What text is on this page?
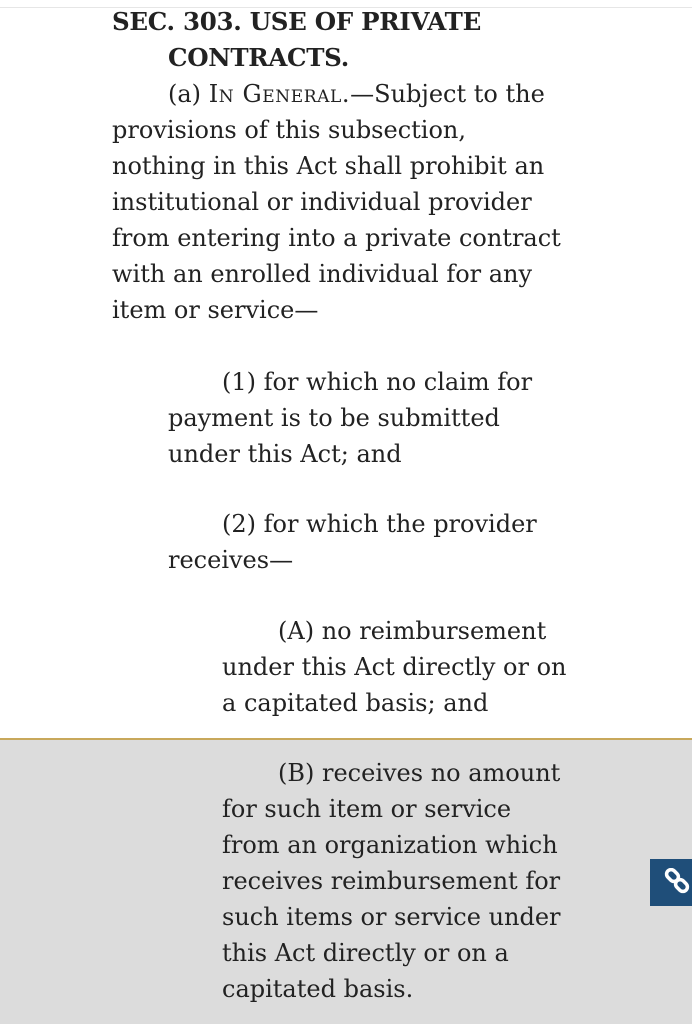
SEC. 303. USE OF PRIVATE
CONTRACTS.
(a) In General.—Subject to the
provisions of this subsection,
nothing in this Act shall prohibit an
institutional or individual provider
from entering into a private contract
with an enrolled individual for any
item or service—
(1) for which no claim for
payment is to be submitted
under this Act; and
(2) for which the provider
receives—
(A) no reimbursement
under this Act directly or on
a capitated basis; and
(B) receives no amount
for such item or service
from an organization which
receives reimbursement for
such items or service under
this Act directly or on a
capitated basis.
